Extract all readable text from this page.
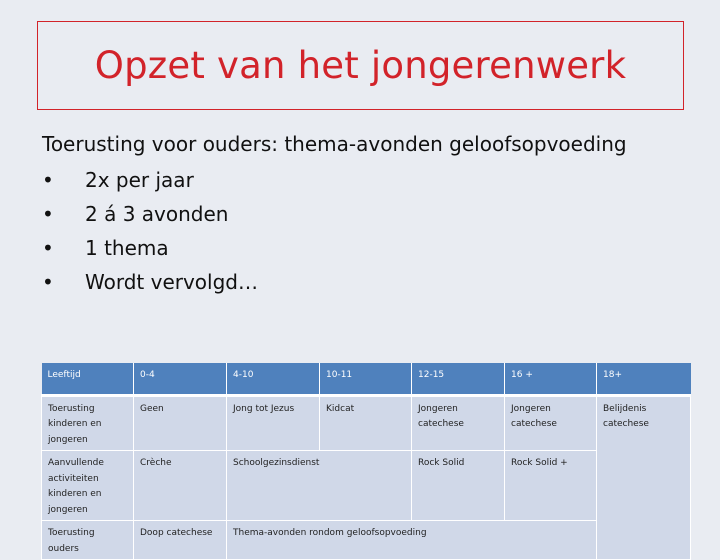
Opzet van het jongerenwerk
Toerusting voor ouders: thema-avonden geloofsopvoeding
• 2x per jaar
• 2 á 3 avonden
• 1 thema
• Wordt vervolgd…
Leeftijd	0-4	4-10	10-11	12-15	16 +	18+
Toerusting kinderen en jongeren	Geen	Jong tot Jezus	Kidcat	Jongeren catechese	Jongeren catechese	Belijdenis catechese
Aanvullende activiteiten kinderen en jongeren	Crèche	Schoolgezinsdienst		Rock Solid	Rock Solid +	
Toerusting ouders	Doop catechese	Thema-avonden rondom geloofsopvoeding				
